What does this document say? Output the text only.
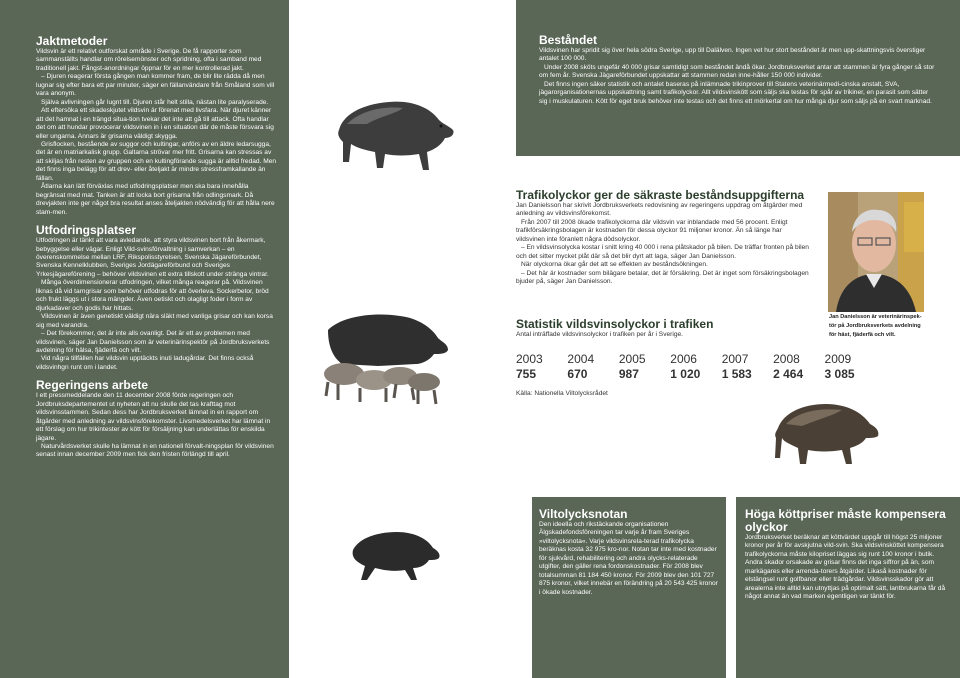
Jaktmetoder

Vildsvin är ett relativt outforskat område i Sverige. De få rapporter som sammanställts handlar om rörelsemönster och spridning, ofta i samband med traditionell jakt. Fångst-anordningar öppnar för en mer kontrollerad jakt.

– Djuren reagerar första gången man kommer fram, de blir lite rädda då men lugnar sig efter bara ett par minuter, säger en fällanvändare från Småland som vill vara anonym.

Själva avlivningen går lugnt till. Djuren står helt stilla, nästan lite paralyserade.

Att eftersöka ett skadeskjutet vildsvin är förenat med livsfara. När djuret känner att det hamnat i en trängd situa-tion tvekar det inte att gå till attack. Ofta handlar det om att hundar provocerar vildsvinen in i en situation där de måste försvara sig eller ungarna. Annars är grisarna väldigt skygga.

Grisflocken, bestående av suggor och kultingar, anförs av en äldre ledarsugga, det är en matriarkalisk grupp. Galtarna strövar mer fritt. Grisarna kan stressas av att skiljas från resten av gruppen och en kultingförande sugga är alltid fredad. Men det finns inga belägg för att drev- eller åteljakt är mindre stressframkallande än fällan.

Åtlarna kan lätt förväxlas med utfodringsplatser men ska bara innehålla begränsat med mat. Tanken är att locka bort grisarna från odlingsmark. Då drevjakten inte ger något bra resultat anses åteljakten nödvändig för att hålla nere stam-men.

Utfodringsplatser

Utfodringen är tänkt att vara avledande, att styra vildsvinen bort från åkermark, bebyggelse eller vägar. Enligt Vild-svinsförvaltning i samverkan – en överenskommelse mellan LRF, Rikspolisstyrelsen, Svenska Jägareförbundet, Svenska Kennelklubben, Sveriges Jordägareförbund och Sveriges Yrkesjägareförening – behöver vildsvinen ett extra tillskott under stränga vintrar.

Många överdimensionerar utfodringen, vilket många reagerar på. Vildsvinen liknas då vid tarngrisar som behöver utfodras för att överleva. Sockerbetor, bröd och frukt läggs ut i stora mängder. Även oetiskt och olagligt foder i form av djurkadaver och godis har hittats.

Vildsvinen är även genetiskt väldigt nära släkt med vanliga grisar och kan korsa sig med varandra.

– Det förekommer, det är inte alls ovanligt. Det är ett av problemen med vildsvinen, säger Jan Danielsson som är veterinärinspektör på Jordbruksverkets avdelning för hälsa, fjäderfä och vilt.

Vid några tillfällen har vildsvin upptäckts inuti ladugårdar. Det finns också vildsvinhgn runt om i landet.

Regeringens arbete

I ett pressmeddelande den 11 december 2008 förde regeringen och Jordbruksdepartementet ut nyheten att nu skulle det tas krafttag mot vildsvinsstammen. Sedan dess har Jordbruksverket lämnat in en rapport om åtgärder med anledning av vildsvinsförekomster. Livsmedelsverket har lämnat in ett förslag om hur trikintester av kött för försäljning kan underlättas för enskilda jägare.

Naturvårdsverket skulle ha lämnat in en nationell förvalt-ningsplan för vildsvinen senast innan december 2009 men fick den fristen förlängd till april.

Beståndet

Vildsvinen har spridit sig över hela södra Sverige, upp till Dalälven. Ingen vet hur stort beståndet är men upp-skattningsvis överstiger antalet 100 000.

Under 2008 sköts ungefär 40 000 grisar samtidigt som beståndet ändå ökar. Jordbruksverket antar att stammen är fyra gånger så stor om fem år. Svenska Jägareförbundet uppskattar att stammen redan inne-håller 150 000 individer.

Det finns ingen säker statistik och antalet baseras på inlämnade trikinprover till Statens veterinärmedi-cinska anstalt, SVA, jägarorganisationernas uppskattning samt trafikolyckor. Allt vildsvinskött som säljs ska testas för spår av trikiner, en parasit som sätter sig i muskulaturen. Kött för eget bruk behöver inte testas och det finns ett mörkertal om hur många djur som säljs på en svart marknad.

Trafikolyckor ger de säkraste beståndsuppgifterna

Jan Danielsson har skrivit Jordbruksverkets redovisning av regeringens uppdrag om åtgärder med anledning av vildsvinsförekomst.

Från 2007 till 2008 ökade trafikolyckorna där vildsvin var inblandade med 56 procent. Enligt trafikförsäkringsbolagen är kostnaden för dessa olyckor 91 miljoner kronor. Än så länge har vildsvinen inte föranlett några dödsolyckor.

– En vildsvinsolycka kostar i snitt kring 40 000 i rena plåtskador på bilen. De träffar fronten på bilen och det sitter mycket plåt där så det blir dyrt att laga, säger Jan Danielsson.

När olyckorna ökar går det att se effekten av beståndsökningen.

– Det här är kostnader som bilägare betalar, det är försäkring. Det är inget som försäkringsbolagen bjuder på, säger Jan Danielsson.

Jan Danielsson är veterinärinspek-
tör på Jordbruksverkets avdelning
för häst, fjäderfä och vilt.
Statistik vildsvinsolyckor i trafiken

Antal inträffade vildsvinsolyckor i trafiken per år i Sverige.

2003	2004	2005	2006	2007	2008	2009
755	670	987	1 020	1 583	2 464	3 085
Källa: Nationella Viltolycksrådet
Viltolycksnotan

Den ideella och rikstäckande organisationen Älgskadefondsföreningen tar varje år fram Sveriges »viltolycksnota«. Varje vildsvinsrela-terad trafikolycka beräknas kosta 32 975 kro-nor. Notan tar inte med kostnader för sjukvård, rehabilitering och andra olycks-relaterade utgifter, den gäller rena fordonskostnader. För 2008 blev totalsumman 81 184 450 kronor. För 2009 blev den 101 727 875 kronor, vilket innebär en förändring på 20 543 425 kronor i ökade kostnader.

Höga köttpriser måste kompensera olyckor

Jordbruksverket beräknar att köttvärdet uppgår till högst 25 miljoner kronor per år för avskjutna vild-svin. Ska vildsvinsköttet kompensera trafikolyckorna måste kilopriset läggas sig runt 100 kronor i butik. Andra skador orsakade av grisar finns det inga siffror på än, som markägares eller arrenda-torers åtgärder. Likaså kostnader för elstängsel runt golfbanor eller trädgårdar. Vildsvinsskador gör att arealerna inte alltid kan utnyttjas på optimalt sätt, lantbrukarna får då något annat än vad marken egentligen var tänkt för.
